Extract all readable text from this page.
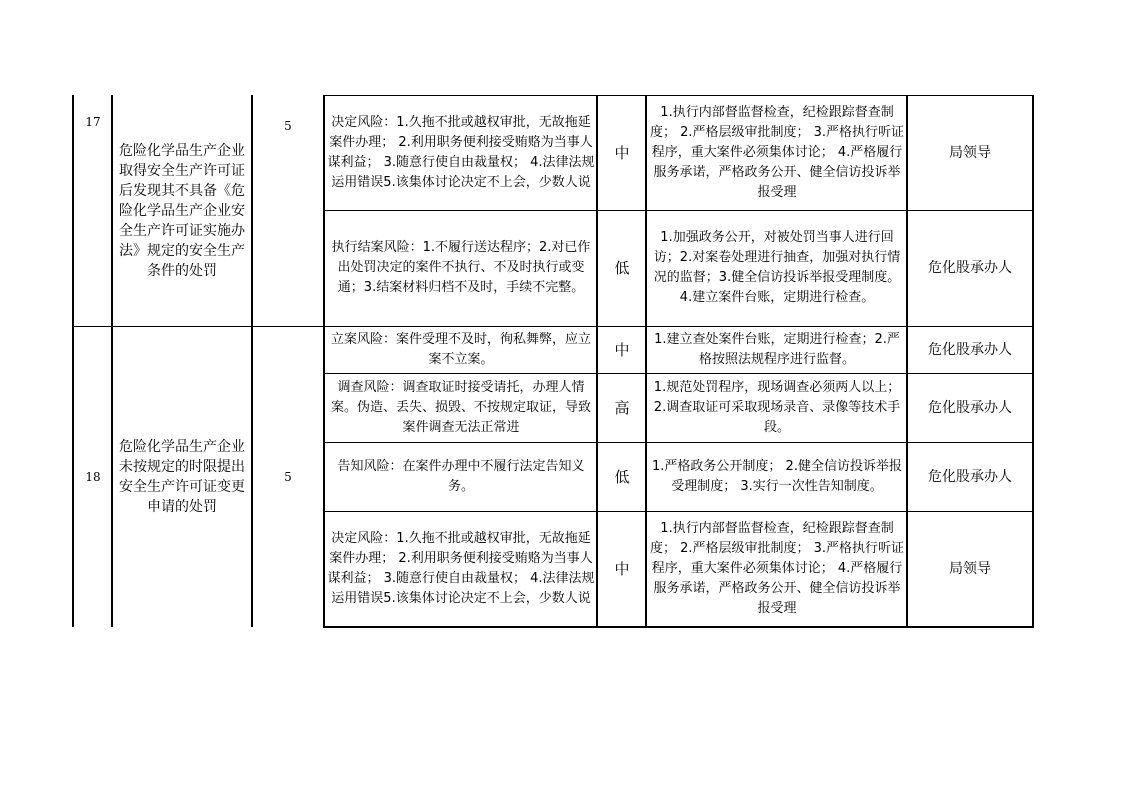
17
危险化学品生产企业取得安全生产许可证后发现其不具备《危险化学品生产企业安全生产许可证实施办法》规定的安全生产条件的处罚
5	决定风险：1.久拖不批或越权审批，无故拖延案件办理； 2.利用职务便利接受贿赂为当事人谋利益； 3.随意行使自由裁量权； 4.法律法规运用错误5.该集体讨论决定不上会，少数人说
中
1.执行内部督监督检查，纪检跟踪督查制度； 2.严格层级审批制度； 3.严格执行听证程序，重大案件必须集体讨论； 4.严格履行服务承诺，严格政务公开、健全信访投诉举报受理
局领导
执行结案风险：1.不履行送达程序；2.对已作出处罚决定的案件不执行、不及时执行或变通；3.结案材料归档不及时，手续不完整。
低
1.加强政务公开，对被处罚当事人进行回访；2.对案卷处理进行抽查，加强对执行情况的监督；3.健全信访投诉举报受理制度。4.建立案件台账，定期进行检查。
危化股承办人
18
危险化学品生产企业未按规定的时限提出安全生产许可证变更申请的处罚
5
立案风险：案件受理不及时，徇私舞弊，应立案不立案。
中
1.建立查处案件台账，定期进行检查；2.严格按照法规程序进行监督。
危化股承办人
调查风险：调查取证时接受请托，办理人情案。伪造、丢失、损毁、不按规定取证，导致案件调查无法正常进
高
1.规范处罚程序，现场调查必须两人以上；2.调查取证可采取现场录音、录像等技术手段。
危化股承办人
告知风险：在案件办理中不履行法定告知义务。
低
1.严格政务公开制度； 2.健全信访投诉举报受理制度； 3.实行一次性告知制度。
危化股承办人
决定风险：1.久拖不批或越权审批，无故拖延案件办理； 2.利用职务便利接受贿赂为当事人谋利益； 3.随意行使自由裁量权； 4.法律法规运用错误5.该集体讨论决定不上会，少数人说
中
1.执行内部督监督检查，纪检跟踪督查制度； 2.严格层级审批制度； 3.严格执行听证程序，重大案件必须集体讨论； 4.严格履行服务承诺，严格政务公开、健全信访投诉举报受理
局领导
